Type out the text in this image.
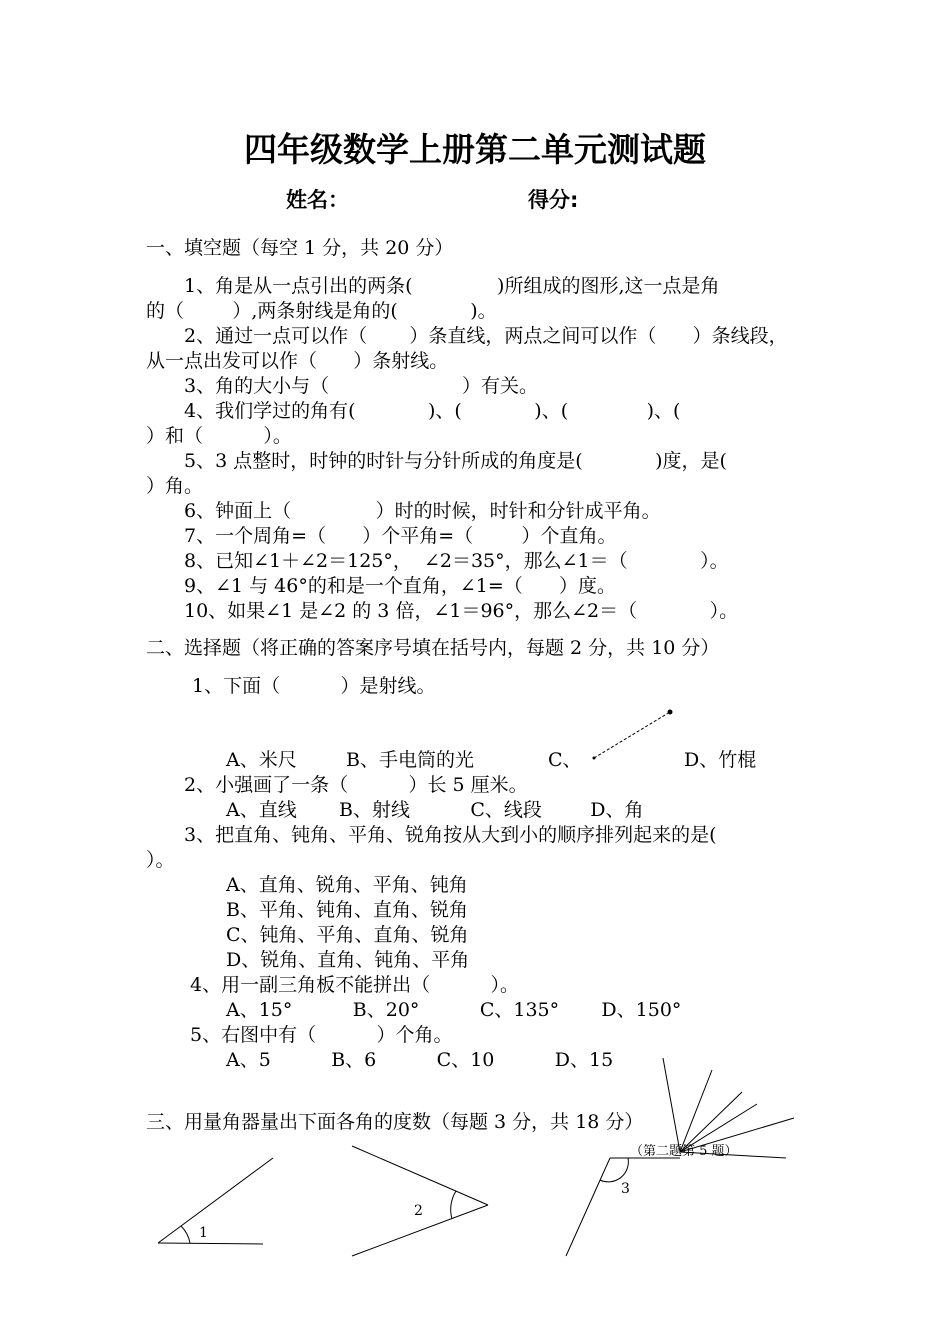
四年级数学上册第二单元测试题
姓名：	得分:
一、填空题（每空 1 分，共 20 分）
1、角是从一点引出的两条(              )所组成的图形,这一点是角
的（        ）,两条射线是角的(            )。
2、通过一点可以作（       ）条直线，两点之间可以作（      ）条线段，
从一点出发可以作（      ）条射线。
3、角的大小与（                      ）有关。
4、我们学过的角有(            )、(            )、(             )、(
）和（          ）。
5、3 点整时，时钟的时针与分针所成的角度是(            )度，是(
）角。
6、钟面上（              ）时的时候，时针和分针成平角。
7、一个周角=（      ）个平角=（        ）个直角。
8、已知∠1＋∠2＝125°，  ∠2＝35°，那么∠1＝（            ）。
9、∠1 与 46°的和是一个直角，∠1=（      ）度。
10、如果∠1 是∠2 的 3 倍，∠1＝96°，那么∠2＝（            ）。
二、选择题（将正确的答案序号填在括号内，每题 2 分，共 10 分）
1、下面（          ）是射线。
A、米尺	B、手电筒的光	C、	D、竹棍
2、小强画了一条（          ）长 5 厘米。
A、直线       B、射线          C、线段        D、角
3、把直角、钝角、平角、锐角按从大到小的顺序排列起来的是(
）。
A、直角、锐角、平角、钝角
B、平角、钝角、直角、锐角
C、钝角、平角、直角、锐角
D、锐角、直角、钝角、平角
4、用一副三角板不能拼出（          ）。
A、15°          B、20°          C、135°       D、150°
5、右图中有（          ）个角。
A、5          B、6          C、10          D、15
三、用量角器量出下面各角的度数（每题 3 分，共 18 分）
（第二题第 5 题）
1
2
3
